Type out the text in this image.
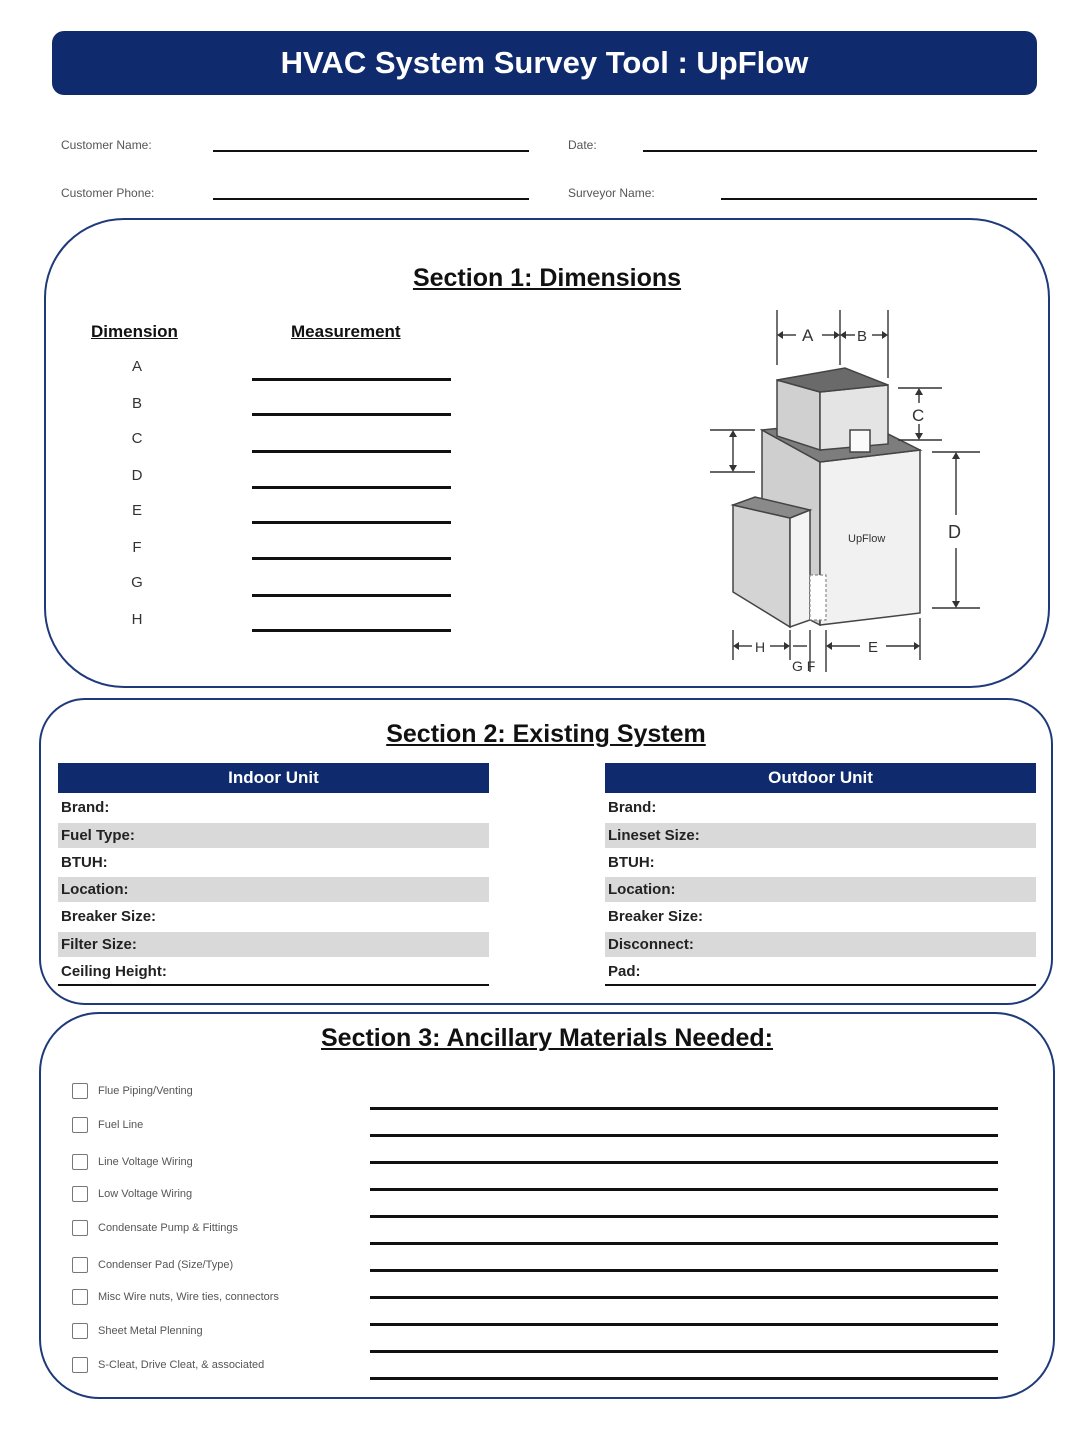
HVAC System Survey Tool : UpFlow
Customer Name:	Date:
Customer Phone:	Surveyor Name:
Section 1: Dimensions
Dimension	Measurement
A
B
C
D
E
F
G
H
UpFlow
A	B
C
D
E
H
G F
Section 2: Existing System
Indoor Unit
Brand:
Fuel Type:
BTUH:
Location:
Breaker Size:
Filter Size:
Ceiling Height:
Outdoor Unit
Brand:
Lineset Size:
BTUH:
Location:
Breaker Size:
Disconnect:
Pad:
Section 3: Ancillary Materials Needed:
Flue Piping/Venting
Fuel Line
Line Voltage Wiring
Low Voltage Wiring
Condensate Pump & Fittings
Condenser Pad (Size/Type)
Misc Wire nuts, Wire ties, connectors
Sheet Metal Plenning
S-Cleat, Drive Cleat, & associated
